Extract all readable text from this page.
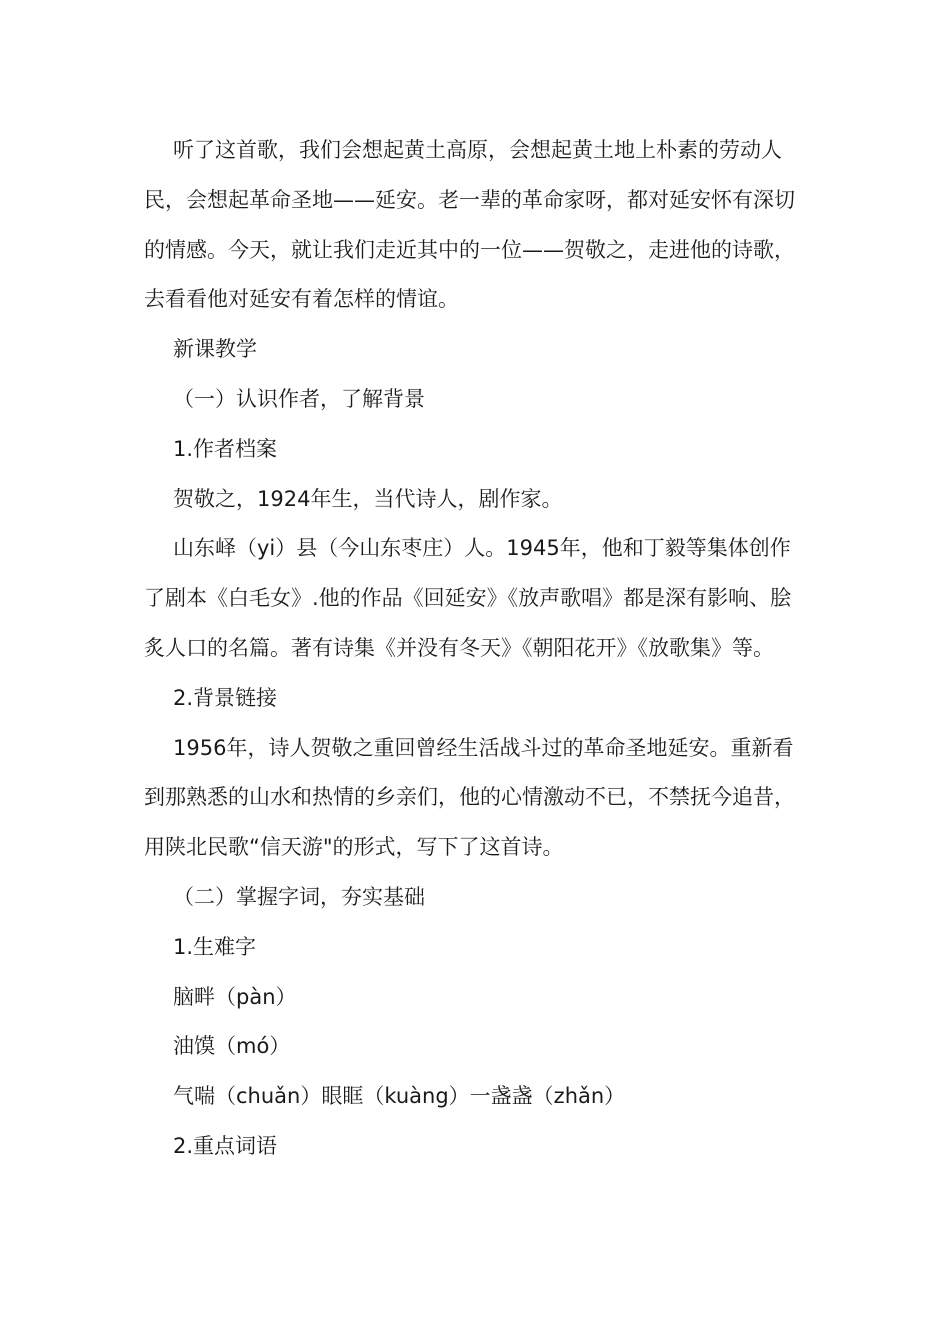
听了这首歌，我们会想起黄土高原，会想起黄土地上朴素的劳动人民，会想起革命圣地——延安。老一辈的革命家呀，都对延安怀有深切的情感。今天，就让我们走近其中的一位——贺敬之，走进他的诗歌，去看看他对延安有着怎样的情谊。

新课教学

（一）认识作者，了解背景

1.作者档案

贺敬之，1924年生，当代诗人，剧作家。

山东峄（yi）县（今山东枣庄）人。1945年，他和丁毅等集体创作了剧本《白毛女》.他的作品《回延安》《放声歌唱》都是深有影响、脍炙人口的名篇。著有诗集《并没有冬天》《朝阳花开》《放歌集》等。

2.背景链接

1956年，诗人贺敬之重回曾经生活战斗过的革命圣地延安。重新看到那熟悉的山水和热情的乡亲们，他的心情激动不已，不禁抚今追昔，用陕北民歌“信天游"的形式，写下了这首诗。

（二）掌握字词，夯实基础

1.生难字

脑畔（pàn）

油馍（mó）

气喘（chuǎn）眼眶（kuàng）一盏盏（zhǎn）

2.重点词语
